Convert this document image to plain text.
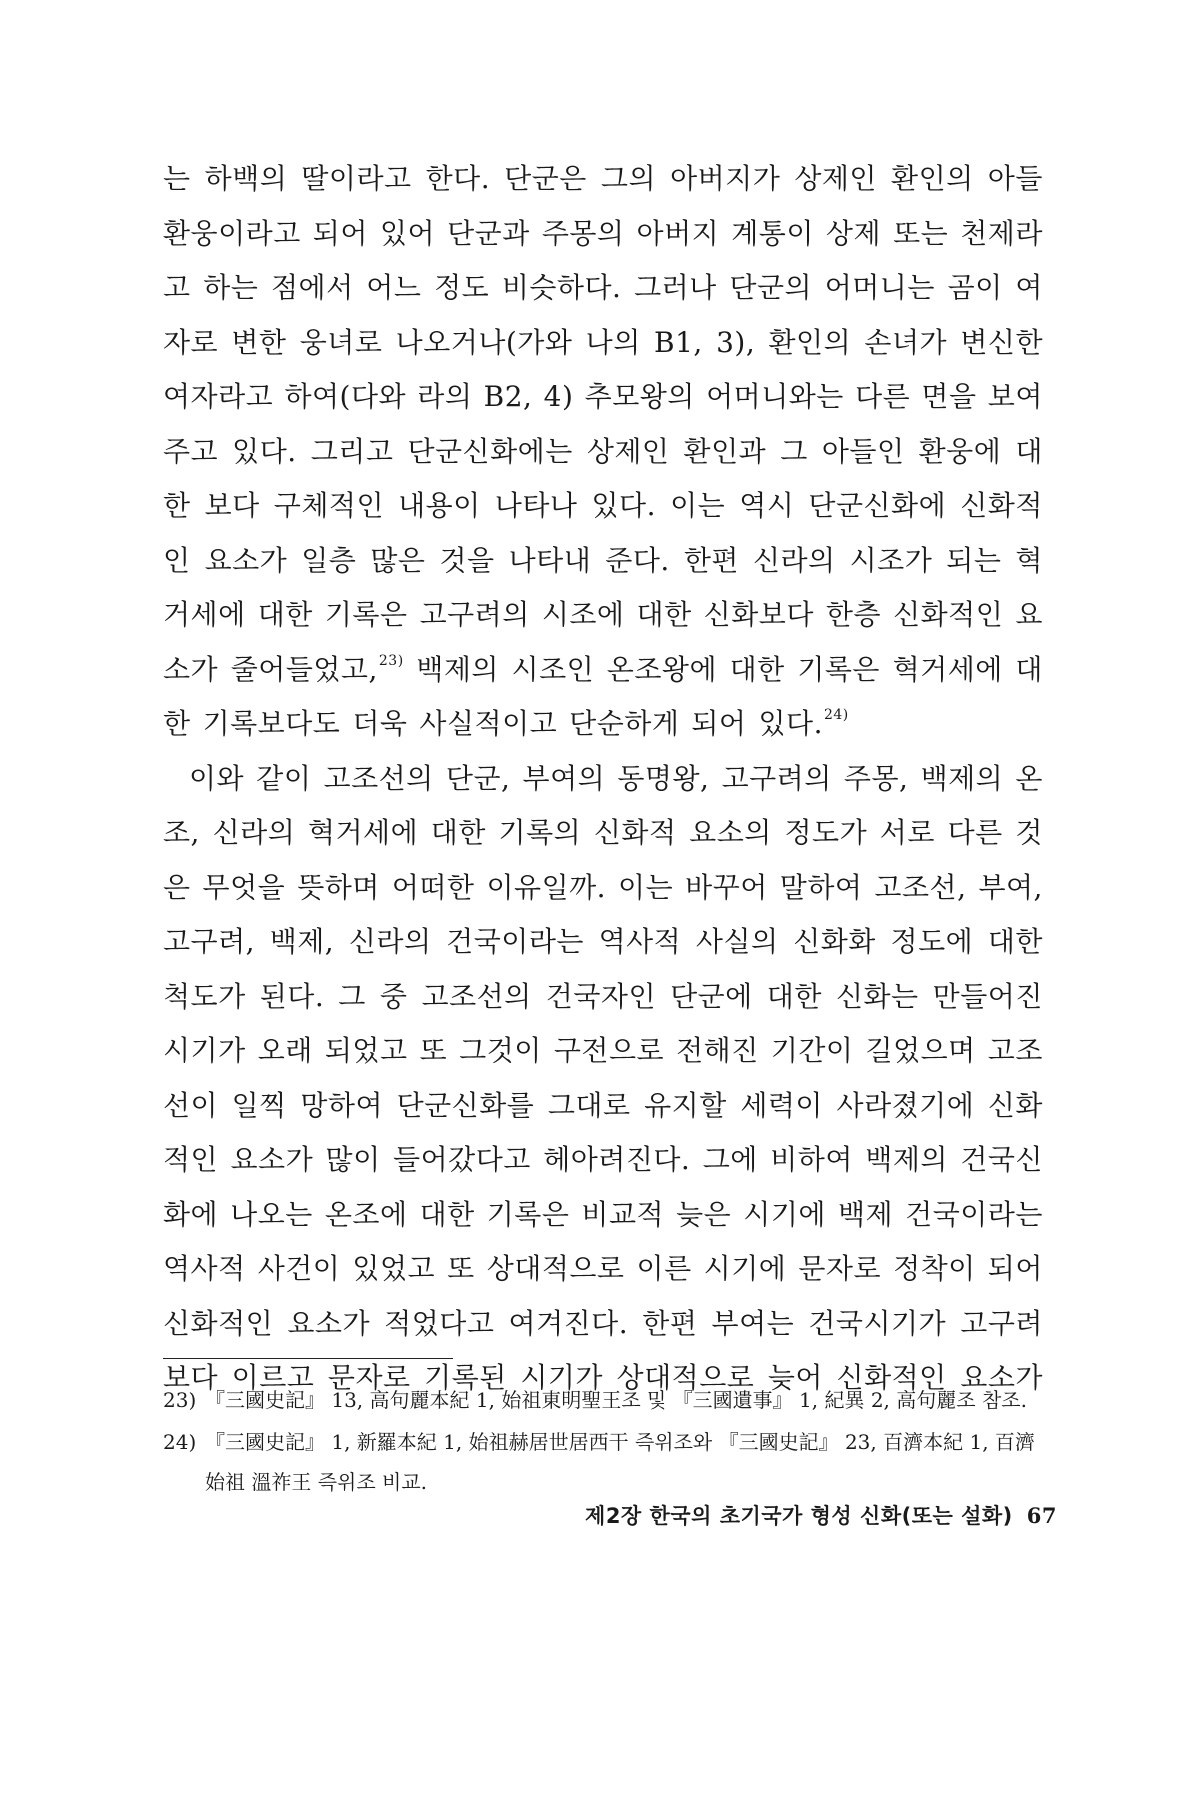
는 하백의 딸이라고 한다. 단군은 그의 아버지가 상제인 환인의 아들
환웅이라고 되어 있어 단군과 주몽의 아버지 계통이 상제 또는 천제라
고 하는 점에서 어느 정도 비슷하다. 그러나 단군의 어머니는 곰이 여
자로 변한 웅녀로 나오거나(가와 나의 B1, 3), 환인의 손녀가 변신한
여자라고 하여(다와 라의 B2, 4) 추모왕의 어머니와는 다른 면을 보여
주고 있다. 그리고 단군신화에는 상제인 환인과 그 아들인 환웅에 대
한 보다 구체적인 내용이 나타나 있다. 이는 역시 단군신화에 신화적
인 요소가 일층 많은 것을 나타내 준다. 한편 신라의 시조가 되는 혁
거세에 대한 기록은 고구려의 시조에 대한 신화보다 한층 신화적인 요
소가 줄어들었고,$^{23)}$ 백제의 시조인 온조왕에 대한 기록은 혁거세에 대
한 기록보다도 더욱 사실적이고 단순하게 되어 있다.$^{24)}$
이와 같이 고조선의 단군, 부여의 동명왕, 고구려의 주몽, 백제의 온
조, 신라의 혁거세에 대한 기록의 신화적 요소의 정도가 서로 다른 것
은 무엇을 뜻하며 어떠한 이유일까. 이는 바꾸어 말하여 고조선, 부여,
고구려, 백제, 신라의 건국이라는 역사적 사실의 신화화 정도에 대한
척도가 된다. 그 중 고조선의 건국자인 단군에 대한 신화는 만들어진
시기가 오래 되었고 또 그것이 구전으로 전해진 기간이 길었으며 고조
선이 일찍 망하여 단군신화를 그대로 유지할 세력이 사라졌기에 신화
적인 요소가 많이 들어갔다고 헤아려진다. 그에 비하여 백제의 건국신
화에 나오는 온조에 대한 기록은 비교적 늦은 시기에 백제 건국이라는
역사적 사건이 있었고 또 상대적으로 이른 시기에 문자로 정착이 되어
신화적인 요소가 적었다고 여겨진다. 한편 부여는 건국시기가 고구려
보다 이르고 문자로 기록된 시기가 상대적으로 늦어 신화적인 요소가
23) 『三國史記』 13, 高句麗本紀 1, 始祖東明聖王조 및 『三國遺事』 1, 紀異 2, 高句麗조 참조.
24) 『三國史記』 1, 新羅本紀 1, 始祖赫居世居西干 즉위조와 『三國史記』 23, 百濟本紀 1, 百濟始祖 溫祚王 즉위조 비교.
제2장 한국의 초기국가 형성 신화(또는 설화) 67
